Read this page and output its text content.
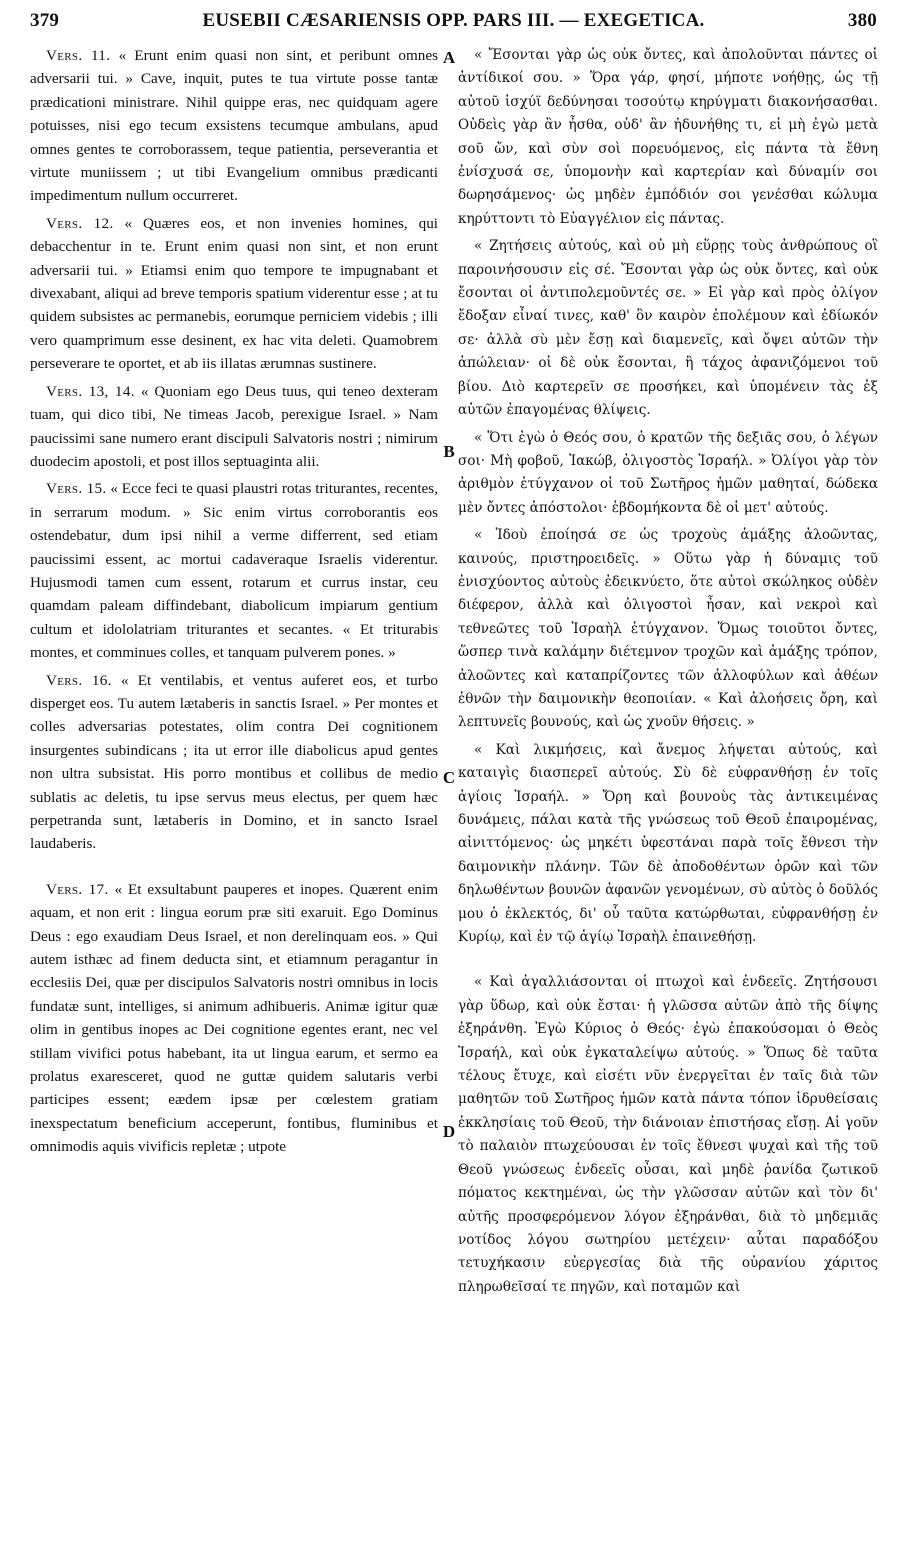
379	EUSEBII CÆSARIENSIS OPP. PARS III. — EXEGETICA.	380

Vers. 11. « Erunt enim quasi non sint, et peribunt omnes adversarii tui. » Cave, inquit, putes te tua virtute posse tantæ prædicationi ministrare. Nihil quippe eras, nec quidquam agere potuisses, nisi ego tecum exsistens tecumque ambulans, apud omnes gentes te corroborassem, teque patientia, perseverantia et virtute muniissem ; ut tibi Evangelium omnibus prædicanti impedimentum nullum occurreret.

Vers. 12. « Quæres eos, et non invenies homines, qui debacchentur in te. Erunt enim quasi non sint, et non erunt adversarii tui. » Etiamsi enim quo tempore te impugnabant et divexabant, aliqui ad breve temporis spatium viderentur esse ; at tu quidem subsistes ac permanebis, eorumque perniciem videbis ; illi vero quamprimum esse desinent, ex hac vita deleti. Quamobrem perseverare te oportet, et ab iis illatas ærumnas sustinere.

Vers. 13, 14. « Quoniam ego Deus tuus, qui teneo dexteram tuam, qui dico tibi, Ne timeas Jacob, perexigue Israel. » Nam paucissimi sane numero erant discipuli Salvatoris nostri ; nimirum duodecim apostoli, et post illos septuaginta alii.

Vers. 15. « Ecce feci te quasi plaustri rotas triturantes, recentes, in serrarum modum. » Sic enim virtus corroborantis eos ostendebatur, dum ipsi nihil a verme differrent, sed etiam paucissimi essent, ac mortui cadaveraque Israelis viderentur. Hujusmodi tamen cum essent, rotarum et currus instar, ceu quamdam paleam diffindebant, diabolicum impiarum gentium cultum et idololatriam triturantes et secantes. « Et triturabis montes, et comminues colles, et tanquam pulverem pones. »

Vers. 16. « Et ventilabis, et ventus auferet eos, et turbo disperget eos. Tu autem lætaberis in sanctis Israel. » Per montes et colles adversarias potestates, olim contra Dei cognitionem insurgentes subindicans ; ita ut error ille diabolicus apud gentes non ultra subsistat. His porro montibus et collibus de medio sublatis ac deletis, tu ipse servus meus electus, per quem hæc perpetranda sunt, lætaberis in Domino, et in sancto Israel laudaberis.

Vers. 17. « Et exsultabunt pauperes et inopes. Quærent enim aquam, et non erit : lingua eorum præ siti exaruit. Ego Dominus Deus : ego exaudiam Deus Israel, et non derelinquam eos. » Qui autem isthæc ad finem deducta sint, et etiamnum peragantur in ecclesiis Dei, quæ per discipulos Salvatoris nostri omnibus in locis fundatæ sunt, intelliges, si animum adhibueris. Animæ igitur quæ olim in gentibus inopes ac Dei cognitione egentes erant, nec vel stillam vivifici potus habebant, ita ut lingua earum, et sermo ea prolatus exaresceret, quod ne guttæ quidem salutaris verbi participes essent; eædem ipsæ per cœlestem gratiam inexspectatum beneficium acceperunt, fontibus, fluminibus et omnimodis aquis vivificis repletæ ; utpote

A
B
C
D

« Ἔσονται γὰρ ὡς οὐκ ὄντες, καὶ ἀπολοῦνται πάντες οἱ ἀντίδικοί σου. » Ὅρα γάρ, φησί, μήποτε νοήθῃς, ὡς τῇ αὐτοῦ ἰσχύϊ δεδύνησαι τοσούτῳ κηρύγματι διακονήσασθαι. Οὐδεὶς γὰρ ἂν ἦσθα, οὐδ' ἂν ἠδυνήθης τι, εἰ μὴ ἐγὼ μετὰ σοῦ ὤν, καὶ σὺν σοὶ πορευόμενος, εἰς πάντα τὰ ἔθνη ἐνίσχυσά σε, ὑπομονὴν καὶ καρτερίαν καὶ δύναμίν σοι δωρησάμενος· ὡς μηδὲν ἐμπόδιόν σοι γενέσθαι κώλυμα κηρύττοντι τὸ Εὐαγγέλιον εἰς πάντας.

« Ζητήσεις αὐτούς, καὶ οὐ μὴ εὕρῃς τοὺς ἀνθρώπους οἳ παροινήσουσιν εἰς σέ. Ἔσονται γὰρ ὡς οὐκ ὄντες, καὶ οὐκ ἔσονται οἱ ἀντιπολεμοῦντές σε. » Εἰ γὰρ καὶ πρὸς ὀλίγον ἔδοξαν εἶναί τινες, καθ' ὃν καιρὸν ἐπολέμουν καὶ ἐδίωκόν σε· ἀλλὰ σὺ μὲν ἔσῃ καὶ διαμενεῖς, καὶ ὄψει αὐτῶν τὴν ἀπώλειαν· οἱ δὲ οὐκ ἔσονται, ἢ τάχος ἀφανιζόμενοι τοῦ βίου. Διὸ καρτερεῖν σε προσήκει, καὶ ὑπομένειν τὰς ἐξ αὐτῶν ἐπαγομένας θλίψεις.

« Ὅτι ἐγὼ ὁ Θεός σου, ὁ κρατῶν τῆς δεξιᾶς σου, ὁ λέγων σοι· Μὴ φοβοῦ, Ἰακώβ, ὀλιγοστὸς Ἰσραήλ. » Ὀλίγοι γὰρ τὸν ἀριθμὸν ἐτύγχανον οἱ τοῦ Σωτῆρος ἡμῶν μαθηταί, δώδεκα μὲν ὄντες ἀπόστολοι· ἑβδομήκοντα δὲ οἱ μετ' αὐτούς.

« Ἰδοὺ ἐποίησά σε ὡς τροχοὺς ἁμάξης ἀλοῶντας, καινούς, πριστηροειδεῖς. » Οὕτω γὰρ ἡ δύναμις τοῦ ἐνισχύοντος αὐτοὺς ἐδεικνύετο, ὅτε αὐτοὶ σκώληκος οὐδὲν διέφερον, ἀλλὰ καὶ ὀλιγοστοὶ ἦσαν, καὶ νεκροὶ καὶ τεθνεῶτες τοῦ Ἰσραὴλ ἐτύγχανον. Ὅμως τοιοῦτοι ὄντες, ὥσπερ τινὰ καλάμην διέτεμνον τροχῶν καὶ ἁμάξης τρόπον, ἀλοῶντες καὶ καταπρίζοντες τῶν ἀλλοφύλων καὶ ἀθέων ἐθνῶν τὴν δαιμονικὴν θεοποιίαν. « Καὶ ἀλοήσεις ὄρη, καὶ λεπτυνεῖς βουνούς, καὶ ὡς χνοῦν θήσεις. »

« Καὶ λικμήσεις, καὶ ἄνεμος λήψεται αὐτούς, καὶ καταιγὶς διασπερεῖ αὐτούς. Σὺ δὲ εὐφρανθήσῃ ἐν τοῖς ἁγίοις Ἰσραήλ. » Ὄρη καὶ βουνοὺς τὰς ἀντικειμένας δυνάμεις, πάλαι κατὰ τῆς γνώσεως τοῦ Θεοῦ ἐπαιρομένας, αἰνιττόμενος· ὡς μηκέτι ὑφεστάναι παρὰ τοῖς ἔθνεσι τὴν δαιμονικὴν πλάνην. Τῶν δὲ ἀποδοθέντων ὀρῶν καὶ τῶν δηλωθέντων βουνῶν ἀφανῶν γενομένων, σὺ αὐτὸς ὁ δοῦλός μου ὁ ἐκλεκτός, δι' οὗ ταῦτα κατώρθωται, εὐφρανθήσῃ ἐν Κυρίῳ, καὶ ἐν τῷ ἁγίῳ Ἰσραὴλ ἐπαινεθήσῃ.

« Καὶ ἀγαλλιάσονται οἱ πτωχοὶ καὶ ἐνδεεῖς. Ζητήσουσι γὰρ ὕδωρ, καὶ οὐκ ἔσται· ἡ γλῶσσα αὐτῶν ἀπὸ τῆς δίψης ἐξηράνθη. Ἐγὼ Κύριος ὁ Θεός· ἐγὼ ἐπακούσομαι ὁ Θεὸς Ἰσραήλ, καὶ οὐκ ἐγκαταλείψω αὐτούς. » Ὅπως δὲ ταῦτα τέλους ἔτυχε, καὶ εἰσέτι νῦν ἐνεργεῖται ἐν ταῖς διὰ τῶν μαθητῶν τοῦ Σωτῆρος ἡμῶν κατὰ πάντα τόπον ἱδρυθείσαις ἐκκλησίαις τοῦ Θεοῦ, τὴν διάνοιαν ἐπιστήσας εἴσῃ. Αἱ γοῦν τὸ παλαιὸν πτωχεύουσαι ἐν τοῖς ἔθνεσι ψυχαὶ καὶ τῆς τοῦ Θεοῦ γνώσεως ἐνδεεῖς οὖσαι, καὶ μηδὲ ῥανίδα ζωτικοῦ πόματος κεκτημέναι, ὡς τὴν γλῶσσαν αὐτῶν καὶ τὸν δι' αὐτῆς προσφερόμενον λόγον ἐξηράνθαι, διὰ τὸ μηδεμιᾶς νοτίδος λόγου σωτηρίου μετέχειν· αὗται παραδόξου τετυχήκασιν εὐεργεσίας διὰ τῆς οὐρανίου χάριτος πληρωθεῖσαί τε πηγῶν, καὶ ποταμῶν καὶ
